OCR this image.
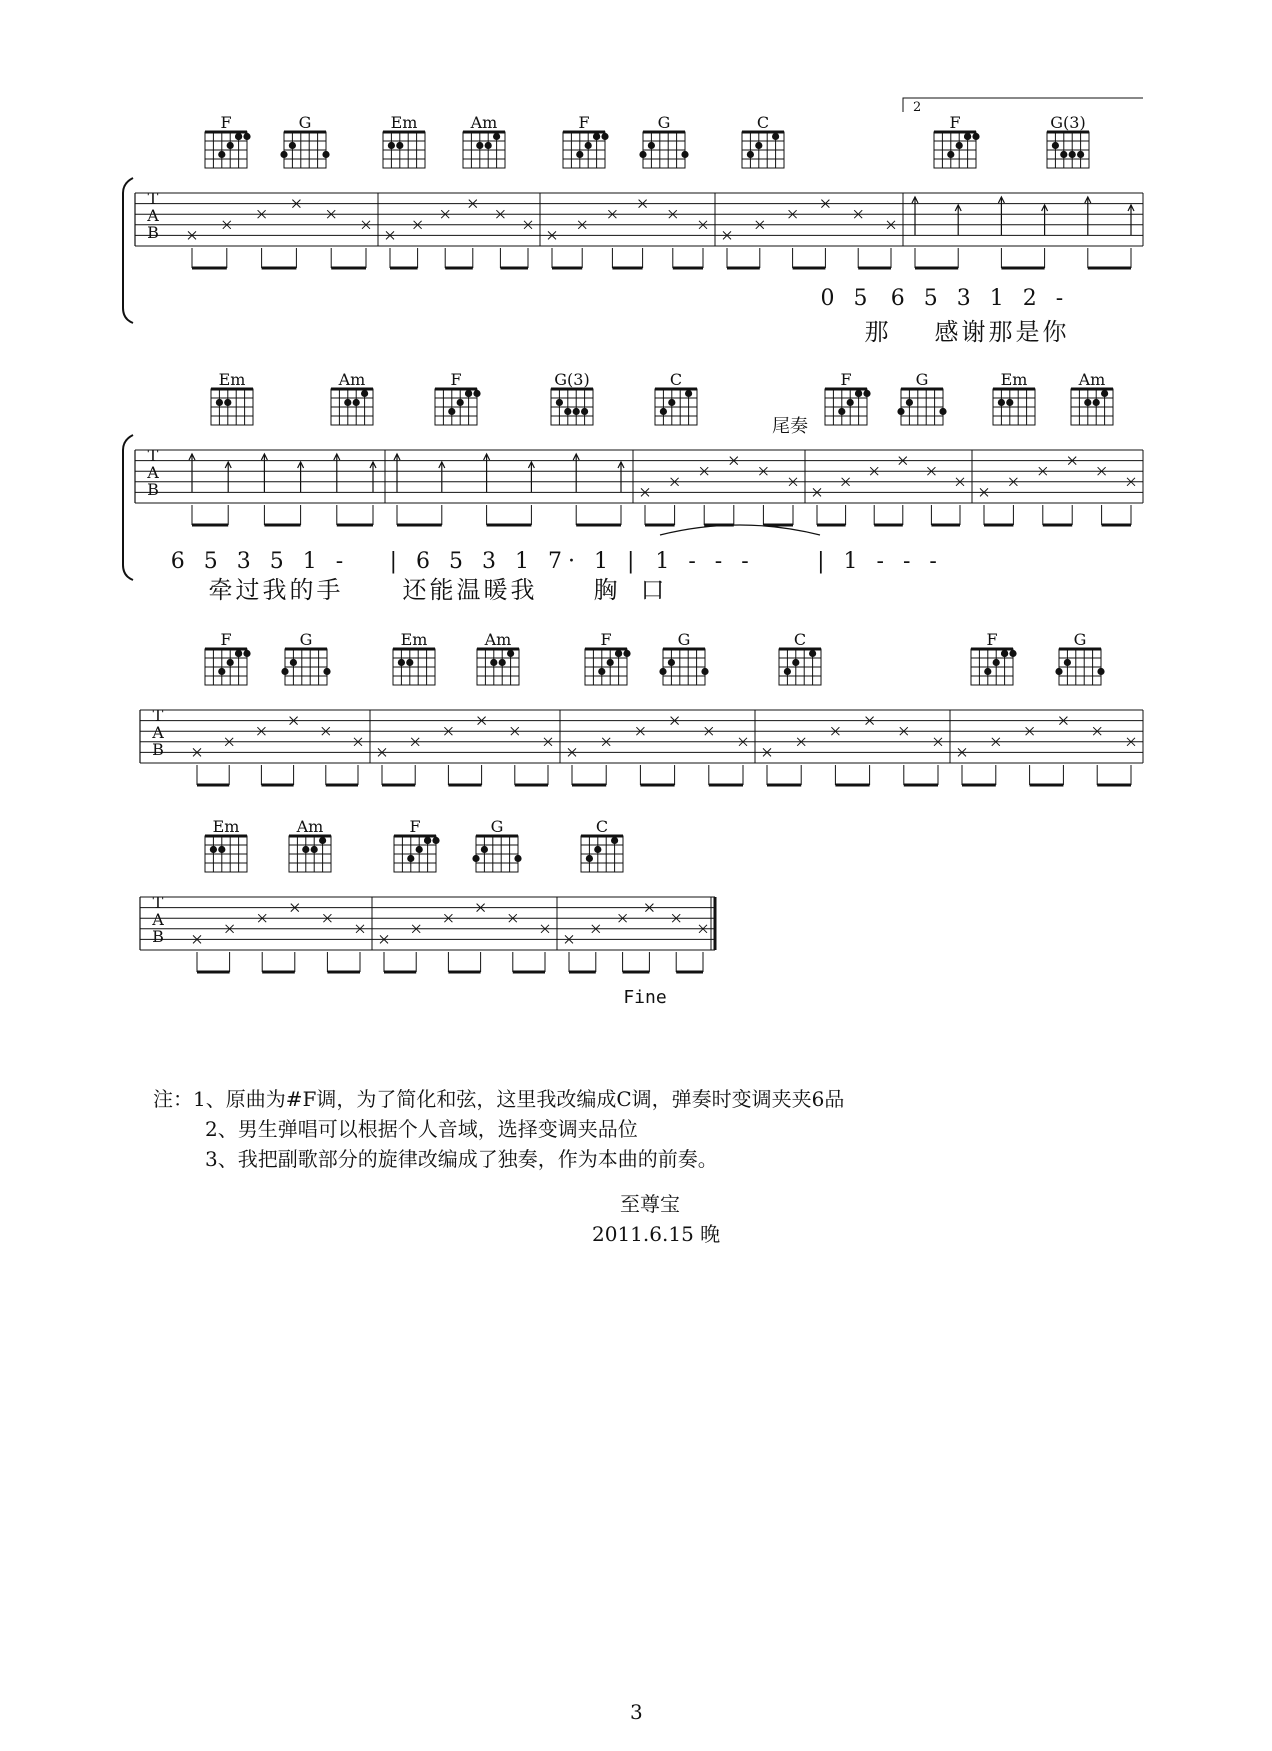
T
A
B
F	G	Em	Am	F	G	C	F	G(3)
T
A
B
Em	Am	F	G(3)	C	F	G	Em	Am
T
A
B
F	G	Em	Am	F	G	C	F	G
T
A
B
Em	Am	F	G	C
2
0 5 6 5 3 1 2 -
那 感谢那是你
6 5 3 5 1 - | 6 5 3 1 7· 1 | 1 - - -	| 1 - - -
牵过我的手 还能温暖我 胸 口
尾奏
Fine
注：1、原曲为#F调，为了简化和弦，这里我改编成C调，弹奏时变调夹夹6品
2、男生弹唱可以根据个人音域，选择变调夹品位
3、我把副歌部分的旋律改编成了独奏，作为本曲的前奏。
至尊宝
2011.6.15 晚
3
